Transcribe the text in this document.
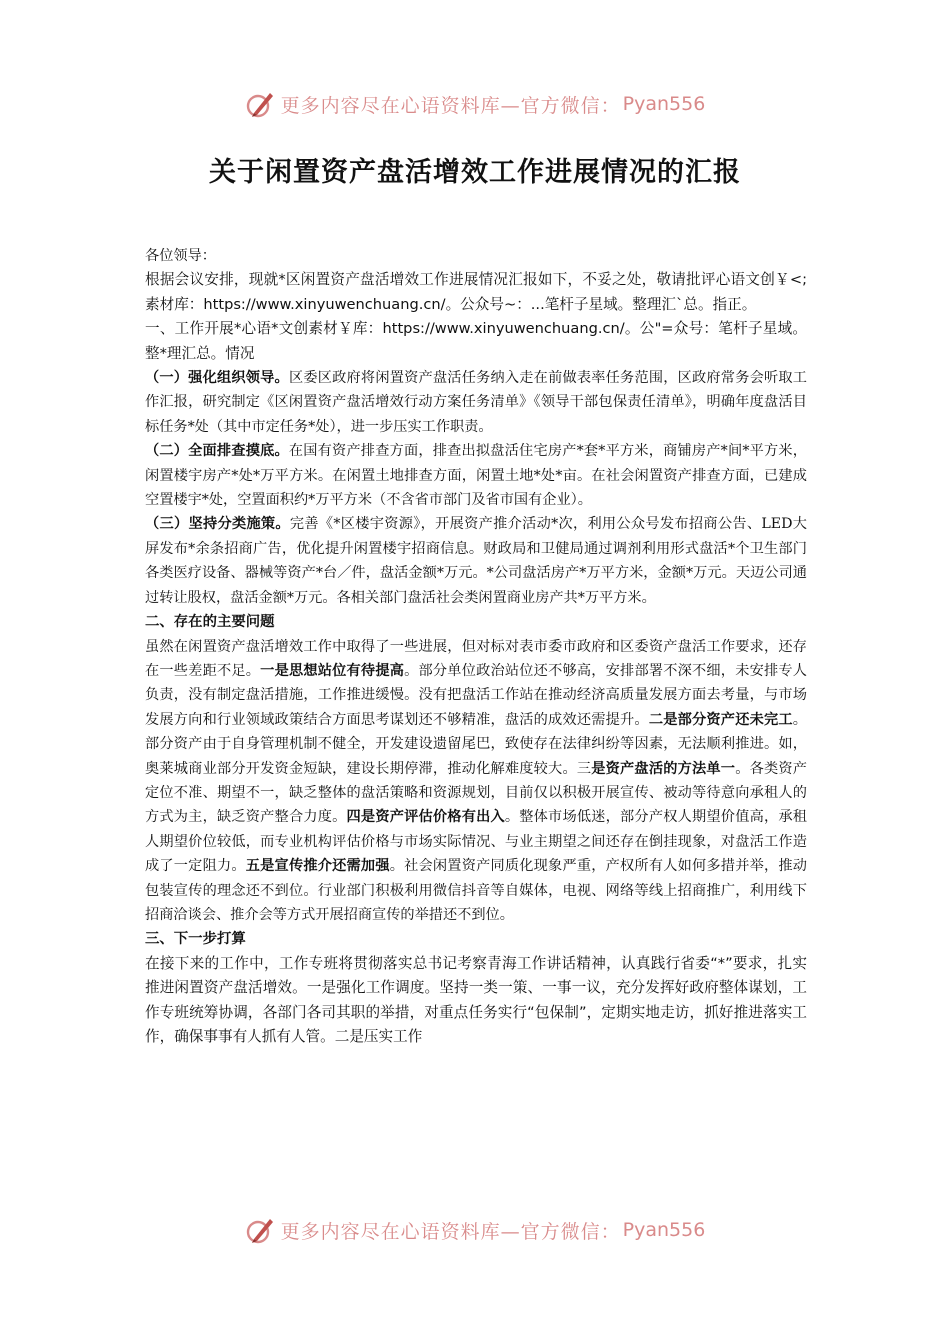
更多内容尽在心语资料库—官方微信： Pyan556
关于闲置资产盘活增效工作进展情况的汇报

各位领导：

根据会议安排，现就*区闲置资产盘活增效工作进展情况汇报如下，不妥之处，敬请批评心语文创￥<;素材库：https://www.xinyuwenchuang.cn/。公众号~：...笔杆子星域。整理汇`总。指正。

一、工作开展*心语*文创素材￥库：https://www.xinyuwenchuang.cn/。公"=众号：笔杆子星域。整*理汇总。情况

（一）强化组织领导。区委区政府将闲置资产盘活任务纳入走在前做表率任务范围，区政府常务会听取工作汇报，研究制定《区闲置资产盘活增效行动方案任务清单》《领导干部包保责任清单》，明确年度盘活目标任务*处（其中市定任务*处），进一步压实工作职责。

（二）全面排查摸底。在国有资产排查方面，排查出拟盘活住宅房产*套*平方米，商铺房产*间*平方米，闲置楼宇房产*处*万平方米。在闲置土地排查方面，闲置土地*处*亩。在社会闲置资产排查方面，已建成空置楼宇*处，空置面积约*万平方米（不含省市部门及省市国有企业）。

（三）坚持分类施策。完善《*区楼宇资源》，开展资产推介活动*次，利用公众号发布招商公告、LED大屏发布*余条招商广告，优化提升闲置楼宇招商信息。财政局和卫健局通过调剂利用形式盘活*个卫生部门各类医疗设备、器械等资产*台／件，盘活金额*万元。*公司盘活房产*万平方米，金额*万元。天迈公司通过转让股权，盘活金额*万元。各相关部门盘活社会类闲置商业房产共*万平方米。

二、存在的主要问题

虽然在闲置资产盘活增效工作中取得了一些进展，但对标对表市委市政府和区委资产盘活工作要求，还存在一些差距不足。一是思想站位有待提高。部分单位政治站位还不够高，安排部署不深不细，未安排专人负责，没有制定盘活措施，工作推进缓慢。没有把盘活工作站在推动经济高质量发展方面去考量，与市场发展方向和行业领域政策结合方面思考谋划还不够精准，盘活的成效还需提升。二是部分资产还未完工。部分资产由于自身管理机制不健全，开发建设遗留尾巴，致使存在法律纠纷等因素，无法顺利推进。如，奥莱城商业部分开发资金短缺，建设长期停滞，推动化解难度较大。三是资产盘活的方法单一。各类资产定位不准、期望不一，缺乏整体的盘活策略和资源规划，目前仅以积极开展宣传、被动等待意向承租人的方式为主，缺乏资产整合力度。四是资产评估价格有出入。整体市场低迷，部分产权人期望价值高，承租人期望价位较低，而专业机构评估价格与市场实际情况、与业主期望之间还存在倒挂现象，对盘活工作造成了一定阻力。五是宣传推介还需加强。社会闲置资产同质化现象严重，产权所有人如何多措并举，推动包装宣传的理念还不到位。行业部门积极利用微信抖音等自媒体，电视、网络等线上招商推广，利用线下招商洽谈会、推介会等方式开展招商宣传的举措还不到位。

三、下一步打算

在接下来的工作中，工作专班将贯彻落实总书记考察青海工作讲话精神，认真践行省委“*”要求，扎实推进闲置资产盘活增效。一是强化工作调度。坚持一类一策、一事一议，充分发挥好政府整体谋划，工作专班统筹协调，各部门各司其职的举措，对重点任务实行“包保制”，定期实地走访，抓好推进落实工作，确保事事有人抓有人管。二是压实工作

更多内容尽在心语资料库—官方微信： Pyan556
